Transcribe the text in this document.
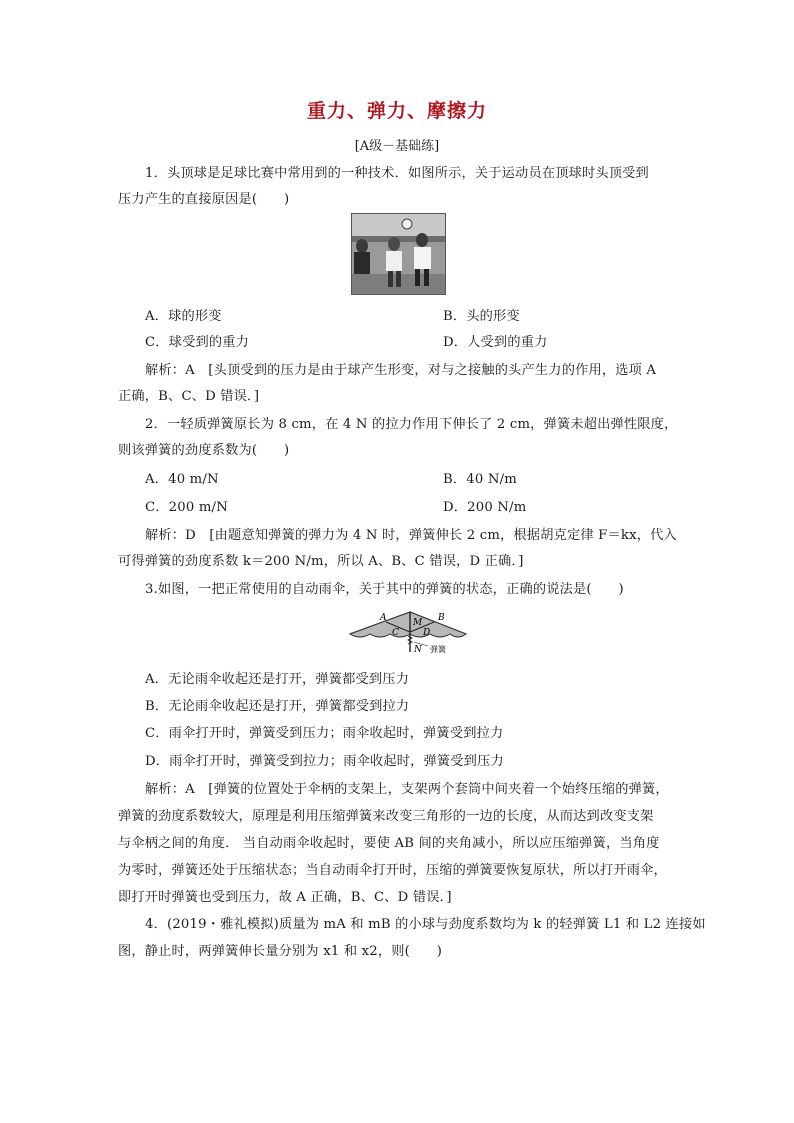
重力、弹力、摩擦力
[A级－基础练]
1．头顶球是足球比赛中常用到的一种技术．如图所示，关于运动员在顶球时头顶受到
压力产生的直接原因是(　　)
A．球的形变	B．头的形变
C．球受到的重力	D．人受到的重力
解析：A　[头顶受到的压力是由于球产生形变，对与之接触的头产生力的作用，选项 A
正确，B、C、D 错误．]
2．一轻质弹簧原长为 8 cm，在 4 N 的拉力作用下伸长了 2 cm，弹簧未超出弹性限度，
则该弹簧的劲度系数为(　　)
A．40 m/N	B．40 N/m
C．200 m/N	D．200 N/m
解析：D　[由题意知弹簧的弹力为 4 N 时，弹簧伸长 2 cm，根据胡克定律 F＝kx，代入
可得弹簧的劲度系数 k＝200 N/m，所以 A、B、C 错误，D 正确．]
3.如图，一把正常使用的自动雨伞，关于其中的弹簧的状态，正确的说法是(　　)
A	B
M
C	D
N 弹簧
A．无论雨伞收起还是打开，弹簧都受到压力
B．无论雨伞收起还是打开，弹簧都受到拉力
C．雨伞打开时，弹簧受到压力；雨伞收起时，弹簧受到拉力
D．雨伞打开时，弹簧受到拉力；雨伞收起时，弹簧受到压力
解析：A　[弹簧的位置处于伞柄的支架上，支架两个套筒中间夹着一个始终压缩的弹簧，
弹簧的劲度系数较大，原理是利用压缩弹簧来改变三角形的一边的长度，从而达到改变支架
与伞柄之间的角度． 当自动雨伞收起时，要使 AB 间的夹角减小，所以应压缩弹簧，当角度
为零时，弹簧还处于压缩状态；当自动雨伞打开时，压缩的弹簧要恢复原状，所以打开雨伞，
即打开时弹簧也受到压力，故 A 正确，B、C、D 错误．]
4．(2019・雅礼模拟)质量为 mA 和 mB 的小球与劲度系数均为 k 的轻弹簧 L1 和 L2 连接如
图，静止时，两弹簧伸长量分别为 x1 和 x2，则(　　)
